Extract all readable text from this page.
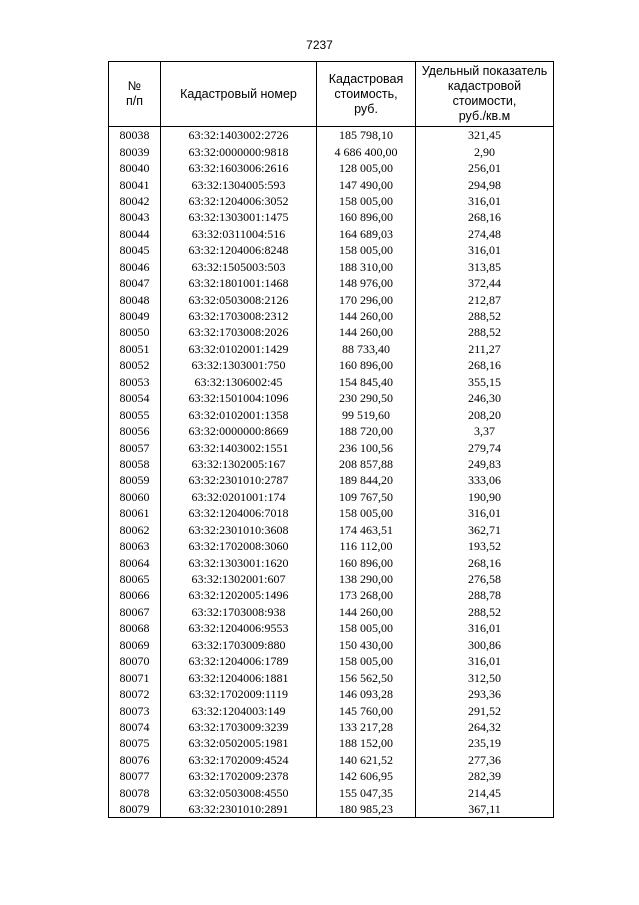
7237
№
п/п	Кадастровый номер	Кадастровая
стоимость,
руб.	Удельный показатель
кадастровой
стоимости,
руб./кв.м
80038	63:32:1403002:2726	185 798,10	321,45
80039	63:32:0000000:9818	4 686 400,00	2,90
80040	63:32:1603006:2616	128 005,00	256,01
80041	63:32:1304005:593	147 490,00	294,98
80042	63:32:1204006:3052	158 005,00	316,01
80043	63:32:1303001:1475	160 896,00	268,16
80044	63:32:0311004:516	164 689,03	274,48
80045	63:32:1204006:8248	158 005,00	316,01
80046	63:32:1505003:503	188 310,00	313,85
80047	63:32:1801001:1468	148 976,00	372,44
80048	63:32:0503008:2126	170 296,00	212,87
80049	63:32:1703008:2312	144 260,00	288,52
80050	63:32:1703008:2026	144 260,00	288,52
80051	63:32:0102001:1429	88 733,40	211,27
80052	63:32:1303001:750	160 896,00	268,16
80053	63:32:1306002:45	154 845,40	355,15
80054	63:32:1501004:1096	230 290,50	246,30
80055	63:32:0102001:1358	99 519,60	208,20
80056	63:32:0000000:8669	188 720,00	3,37
80057	63:32:1403002:1551	236 100,56	279,74
80058	63:32:1302005:167	208 857,88	249,83
80059	63:32:2301010:2787	189 844,20	333,06
80060	63:32:0201001:174	109 767,50	190,90
80061	63:32:1204006:7018	158 005,00	316,01
80062	63:32:2301010:3608	174 463,51	362,71
80063	63:32:1702008:3060	116 112,00	193,52
80064	63:32:1303001:1620	160 896,00	268,16
80065	63:32:1302001:607	138 290,00	276,58
80066	63:32:1202005:1496	173 268,00	288,78
80067	63:32:1703008:938	144 260,00	288,52
80068	63:32:1204006:9553	158 005,00	316,01
80069	63:32:1703009:880	150 430,00	300,86
80070	63:32:1204006:1789	158 005,00	316,01
80071	63:32:1204006:1881	156 562,50	312,50
80072	63:32:1702009:1119	146 093,28	293,36
80073	63:32:1204003:149	145 760,00	291,52
80074	63:32:1703009:3239	133 217,28	264,32
80075	63:32:0502005:1981	188 152,00	235,19
80076	63:32:1702009:4524	140 621,52	277,36
80077	63:32:1702009:2378	142 606,95	282,39
80078	63:32:0503008:4550	155 047,35	214,45
80079	63:32:2301010:2891	180 985,23	367,11
